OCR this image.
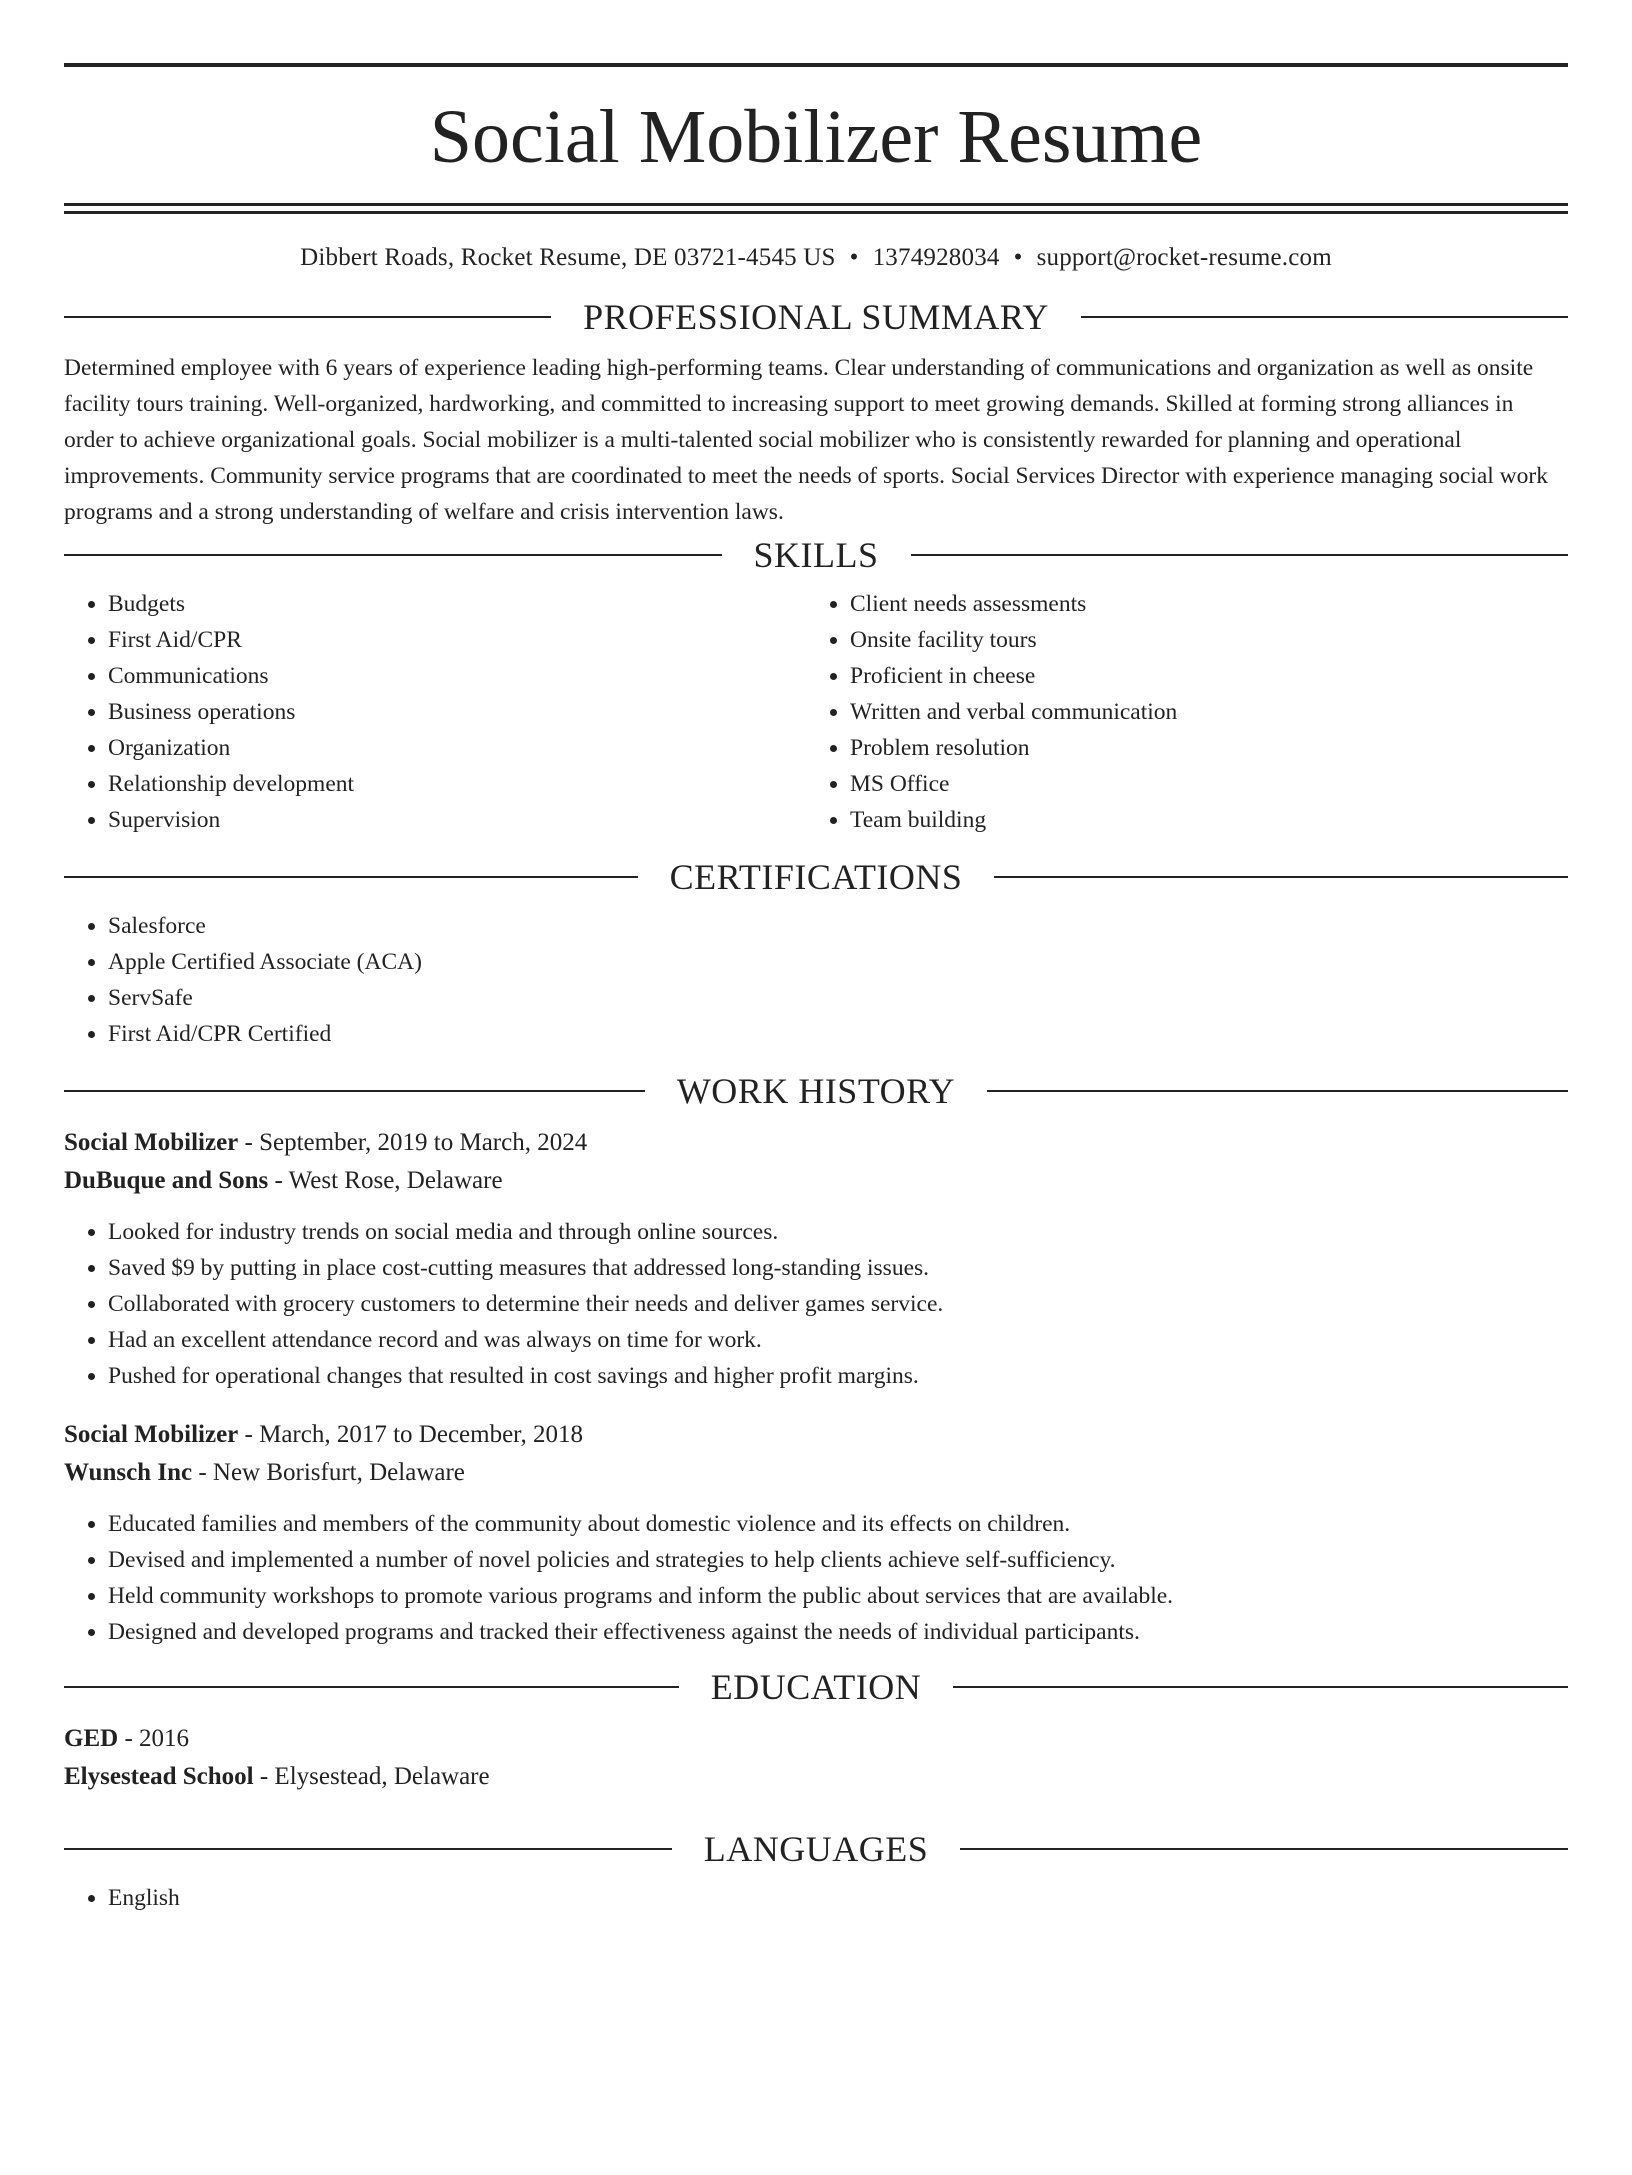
Social Mobilizer Resume
Dibbert Roads, Rocket Resume, DE 03721-4545 US • 1374928034 • support@rocket-resume.com
PROFESSIONAL SUMMARY

Determined employee with 6 years of experience leading high-performing teams. Clear understanding of communications and organization as well as onsite facility tours training. Well-organized, hardworking, and committed to increasing support to meet growing demands. Skilled at forming strong alliances in order to achieve organizational goals. Social mobilizer is a multi-talented social mobilizer who is consistently rewarded for planning and operational improvements. Community service programs that are coordinated to meet the needs of sports. Social Services Director with experience managing social work programs and a strong understanding of welfare and crisis intervention laws.

SKILLS
• Budgets
• First Aid/CPR
• Communications
• Business operations
• Organization
• Relationship development
• Supervision
• Client needs assessments
• Onsite facility tours
• Proficient in cheese
• Written and verbal communication
• Problem resolution
• MS Office
• Team building
CERTIFICATIONS
• Salesforce
• Apple Certified Associate (ACA)
• ServSafe
• First Aid/CPR Certified
WORK HISTORY

Social Mobilizer - September, 2019 to March, 2024

DuBuque and Sons - West Rose, Delaware

• Looked for industry trends on social media and through online sources.
• Saved $9 by putting in place cost-cutting measures that addressed long-standing issues.
• Collaborated with grocery customers to determine their needs and deliver games service.
• Had an excellent attendance record and was always on time for work.
• Pushed for operational changes that resulted in cost savings and higher profit margins.

Social Mobilizer - March, 2017 to December, 2018

Wunsch Inc - New Borisfurt, Delaware

• Educated families and members of the community about domestic violence and its effects on children.
• Devised and implemented a number of novel policies and strategies to help clients achieve self-sufficiency.
• Held community workshops to promote various programs and inform the public about services that are available.
• Designed and developed programs and tracked their effectiveness against the needs of individual participants.
EDUCATION

GED - 2016

Elysestead School - Elysestead, Delaware

LANGUAGES
• English
